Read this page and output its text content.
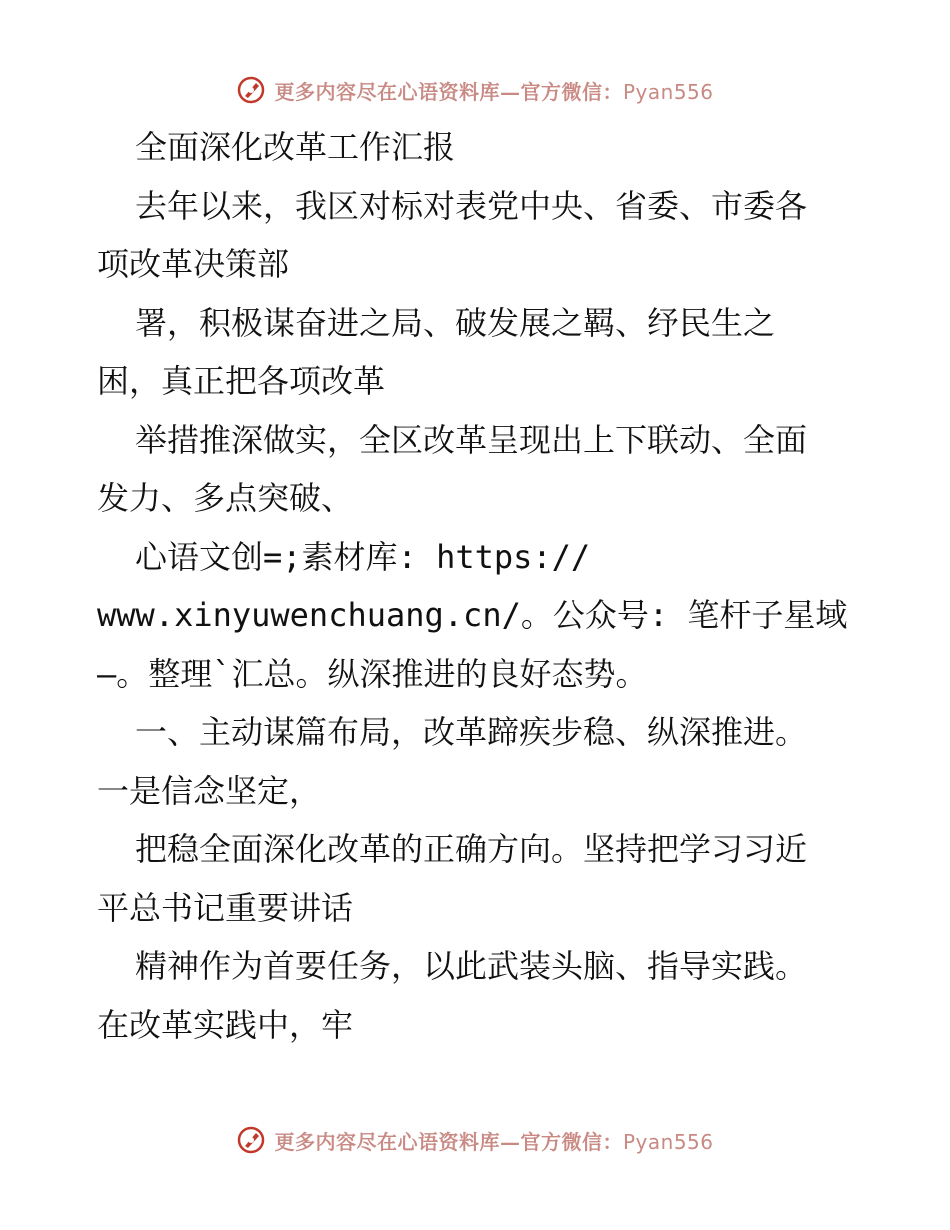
更多内容尽在心语资料库—官方微信：Pyan556
全面深化改革工作汇报
去年以来，我区对标对表党中央、省委、市委各
项改革决策部
署，积极谋奋进之局、破发展之羁、纾民生之
困，真正把各项改革
举措推深做实，全区改革呈现出上下联动、全面
发力、多点突破、
心语文创=;素材库: https://
www.xinyuwenchuang.cn/。公众号: 笔杆子星域
—。整理`汇总。纵深推进的良好态势。
一、主动谋篇布局，改革蹄疾步稳、纵深推进。
一是信念坚定，
把稳全面深化改革的正确方向。坚持把学习习近
平总书记重要讲话
精神作为首要任务，以此武装头脑、指导实践。
在改革实践中，牢
更多内容尽在心语资料库—官方微信：Pyan556
